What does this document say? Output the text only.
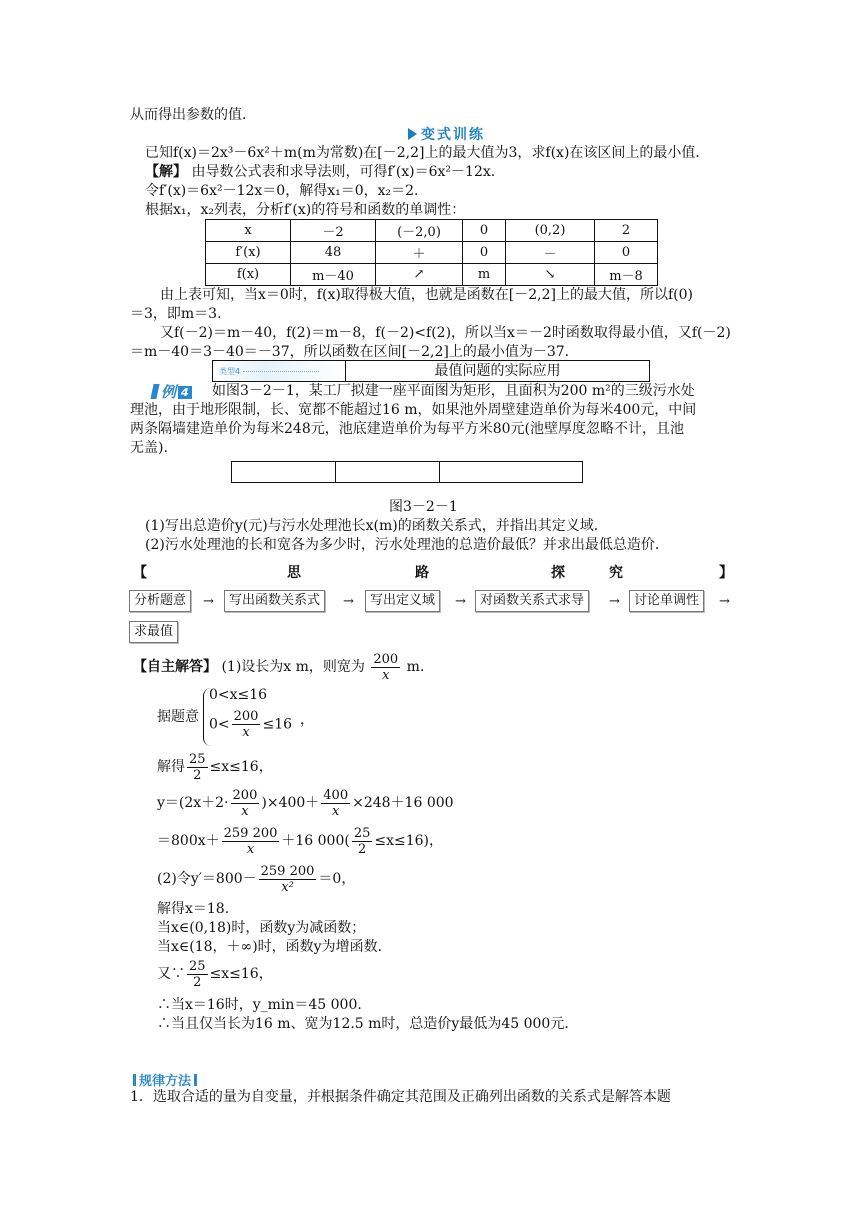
从而得出参数的值．
变式训练
已知f(x)＝2x³－6x²＋m(m为常数)在[－2,2]上的最大值为3，求f(x)在该区间上的最小值．
【解】 由导数公式表和求导法则，可得f′(x)＝6x²－12x.
令f′(x)＝6x²－12x＝0，解得x₁＝0，x₂＝2.
根据x₁，x₂列表，分析f′(x)的符号和函数的单调性：
x	－2	(－2,0)	0	(0,2)	2
f′(x)	48	＋	0	－	0
f(x)	m－40	↗	m	↘	m－8
由上表可知，当x＝0时，f(x)取得极大值，也就是函数在[－2,2]上的最大值，所以f(0)
＝3，即m＝3.
又f(－2)＝m－40，f(2)＝m－8，f(－2)<f(2)，所以当x＝－2时函数取得最小值，又f(－2)
＝m－40＝3－40＝－37，所以函数在区间[－2,2]上的最小值为－37.
类型4	最值问题的实际应用
例 4 如图3－2－1，某工厂拟建一座平面图为矩形，且面积为200 m²的三级污水处
理池，由于地形限制，长、宽都不能超过16 m，如果池外周壁建造单价为每米400元，中间
两条隔墙建造单价为每米248元，池底建造单价为每平方米80元(池壁厚度忽略不计，且池
无盖).
图3－2－1
(1)写出总造价y(元)与污水处理池长x(m)的函数关系式，并指出其定义域．
(2)污水处理池的长和宽各为多少时，污水处理池的总造价最低？并求出最低总造价．
【	思	路	探	究	】
分析题意	→	写出函数关系式	→	写出定义域	→	对函数关系式求导	→	讨论单调性	→
求最值
【自主解答】 (1)设长为x m，则宽为 $\frac{200}{x} m$.
据题意
0<x≤16
$0< \frac{200}{x} \le 16$ ，
解得 $\frac{25}{2} \le x\le 16$，
$y=(2x+2\cdot \frac{200}{x} )\times 400+ \frac{400}{x} \times 248+16$ 000
$=800x+ \frac{259 200}{x} +16$ $000( \frac{25}{2} \le x\le 16)$，
(2)令$y'=800- \frac{259 200}{\text{x²}} =0$，
解得x＝18.
当x∈(0,18)时，函数y为减函数；
当x∈(18，＋∞)时，函数y为增函数．
又∵ $\frac{25}{2} \le x\le 16$，
∴当x＝16时，y_min＝45 000.
∴当且仅当长为16 m、宽为12.5 m时，总造价y最低为45 000元．
规律方法
1．选取合适的量为自变量，并根据条件确定其范围及正确列出函数的关系式是解答本题
